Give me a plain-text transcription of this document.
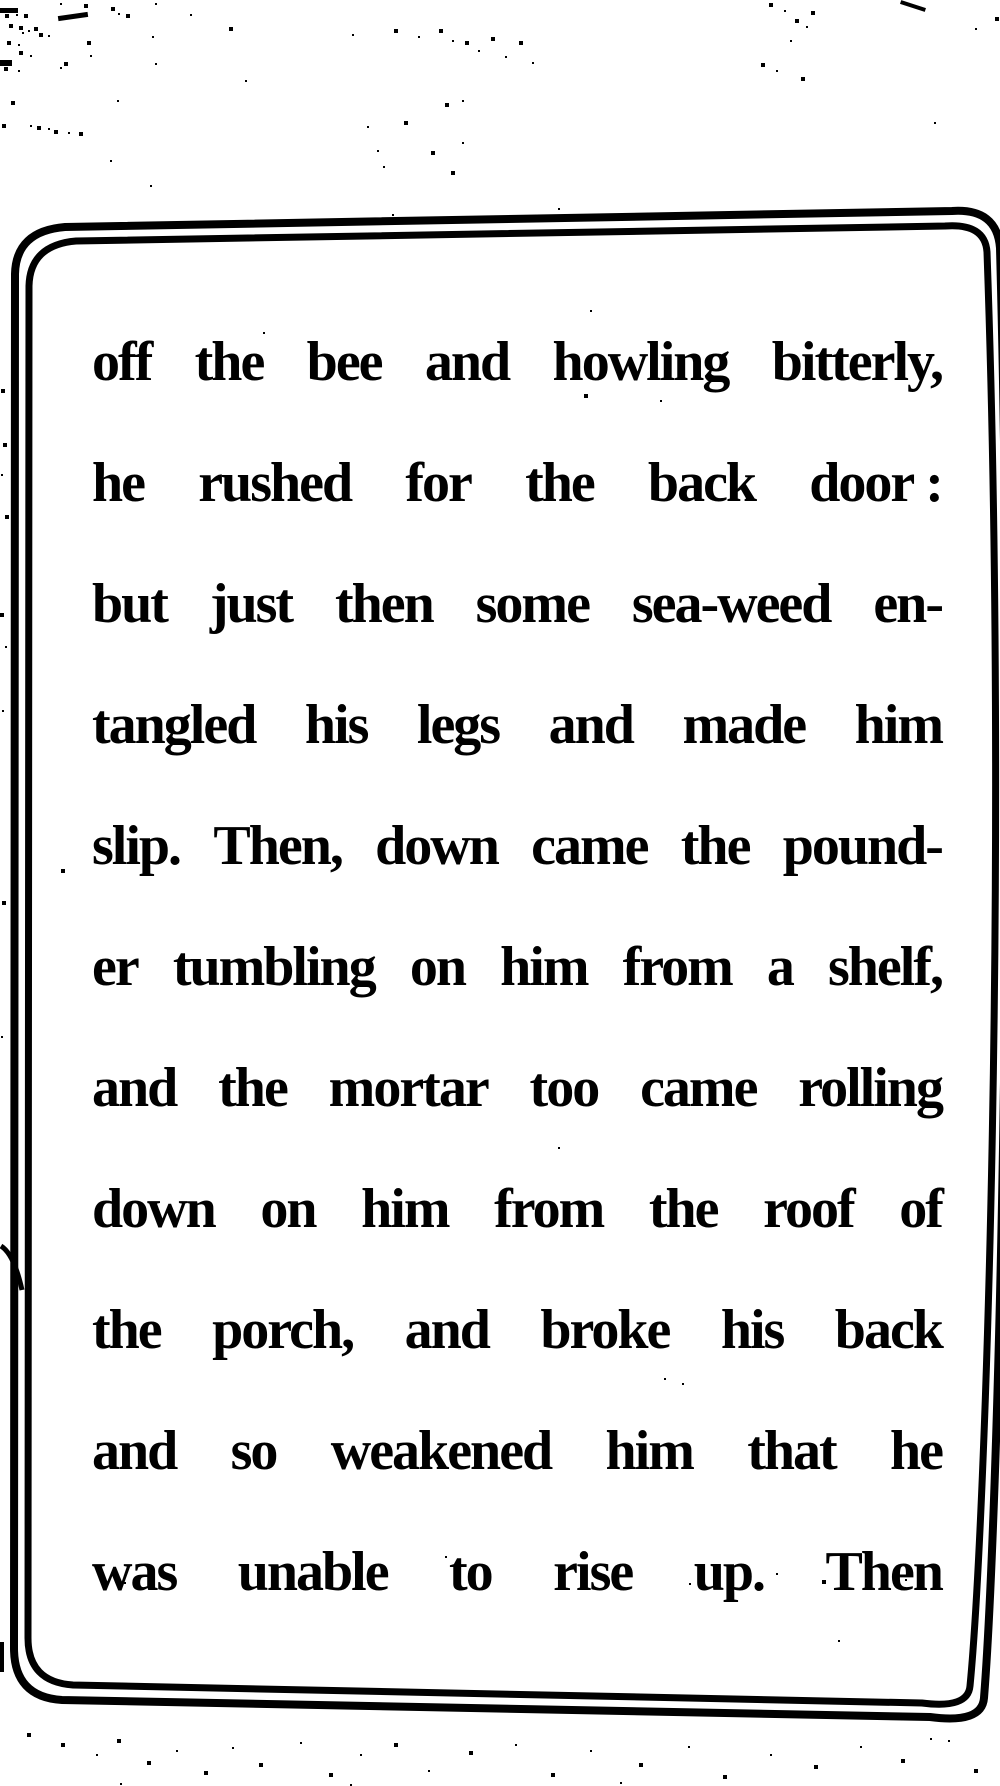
off the bee and howling bitterly,
he rushed for the back door :
but just then some sea-weed en-
tangled his legs and made him
slip. Then, down came the pound-
er tumbling on him from a shelf,
and the mortar too came rolling
down on him from the roof of
the porch, and broke his back
and so weakened him that he
was unable to rise up. Then
